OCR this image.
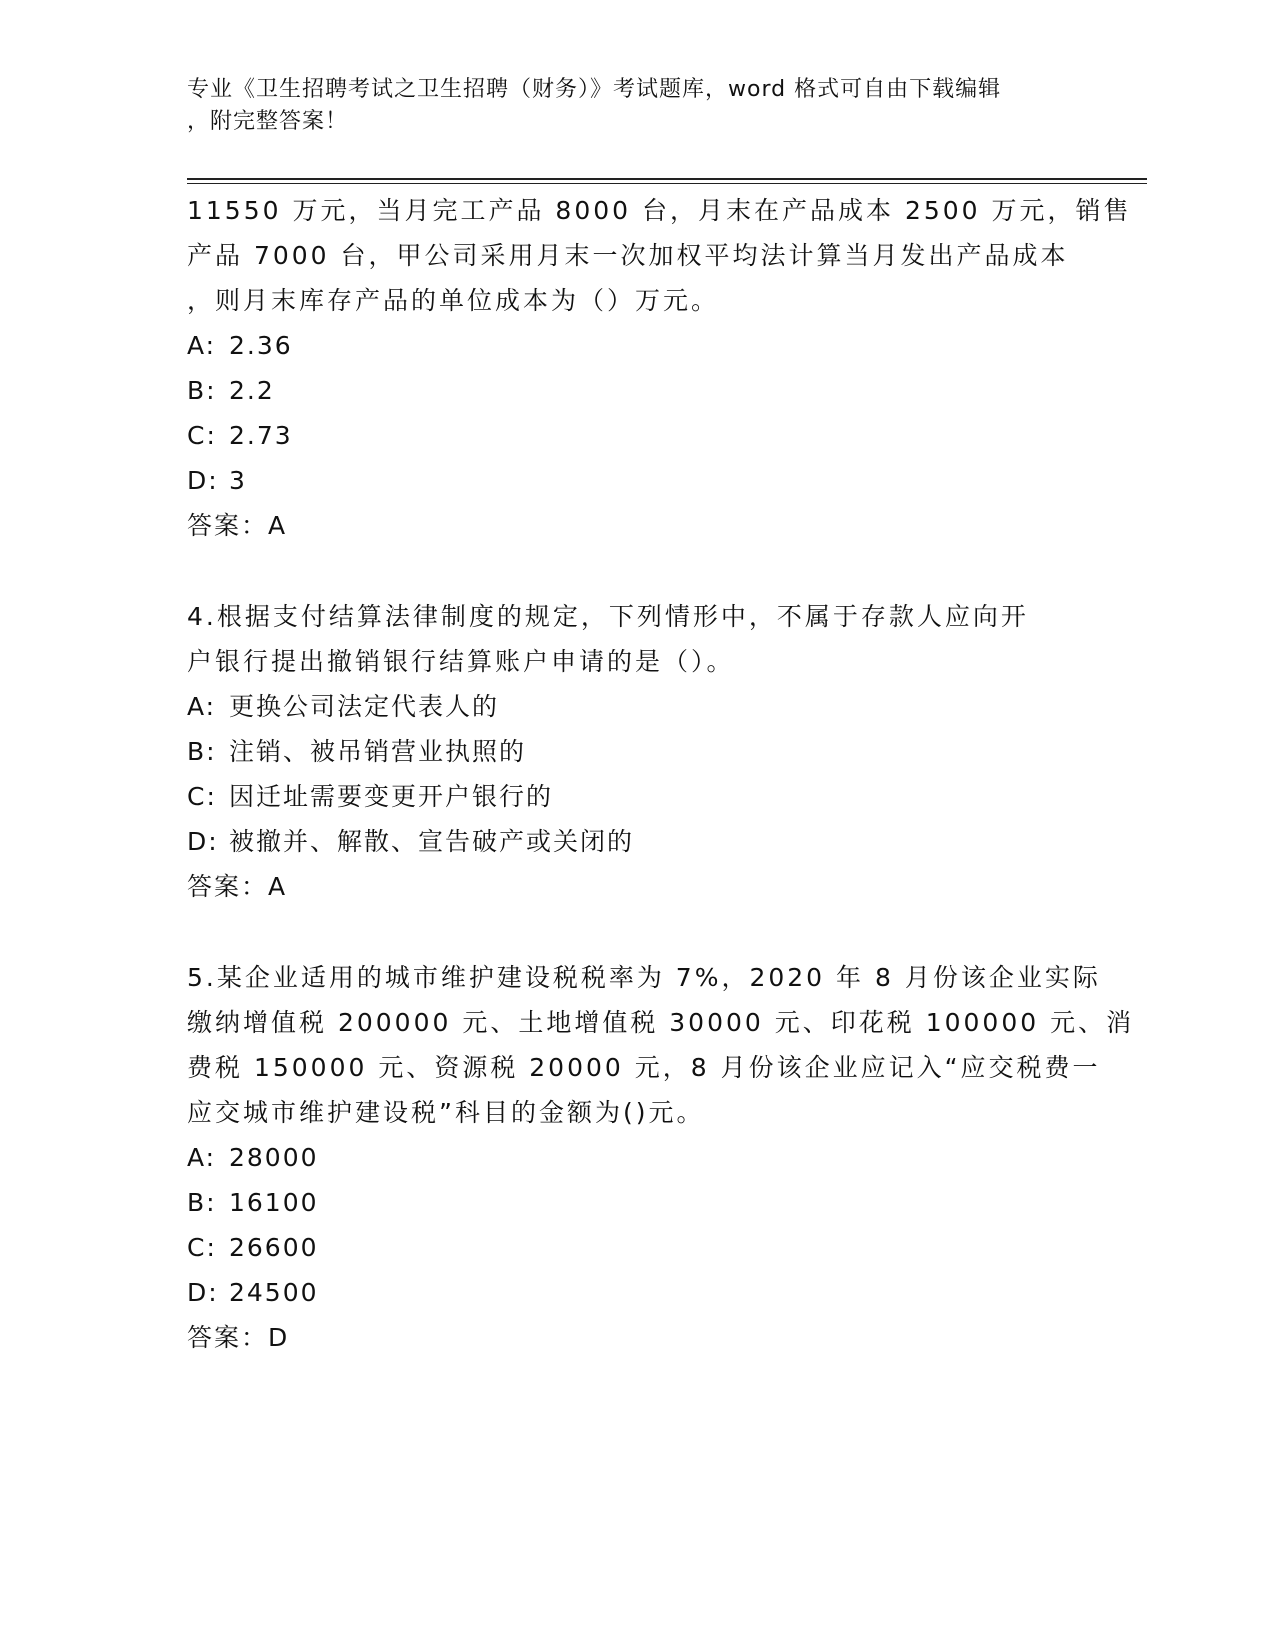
专业《卫生招聘考试之卫生招聘（财务）》考试题库，word 格式可自由下载编辑
，附完整答案！
11550 万元，当月完工产品 8000 台，月末在产品成本 2500 万元，销售
产品 7000 台，甲公司采用月末一次加权平均法计算当月发出产品成本
，则月末库存产品的单位成本为（）万元。
A: 2.36
B: 2.2
C: 2.73
D: 3
答案：A
4.根据支付结算法律制度的规定，下列情形中，不属于存款人应向开
户银行提出撤销银行结算账户申请的是（）。
A: 更换公司法定代表人的
B: 注销、被吊销营业执照的
C: 因迁址需要变更开户银行的
D: 被撤并、解散、宣告破产或关闭的
答案：A
5.某企业适用的城市维护建设税税率为 7%，2020 年 8 月份该企业实际
缴纳增值税 200000 元、土地增值税 30000 元、印花税 100000 元、消
费税 150000 元、资源税 20000 元，8 月份该企业应记入“应交税费一
应交城市维护建设税”科目的金额为()元。
A: 28000
B: 16100
C: 26600
D: 24500
答案：D
